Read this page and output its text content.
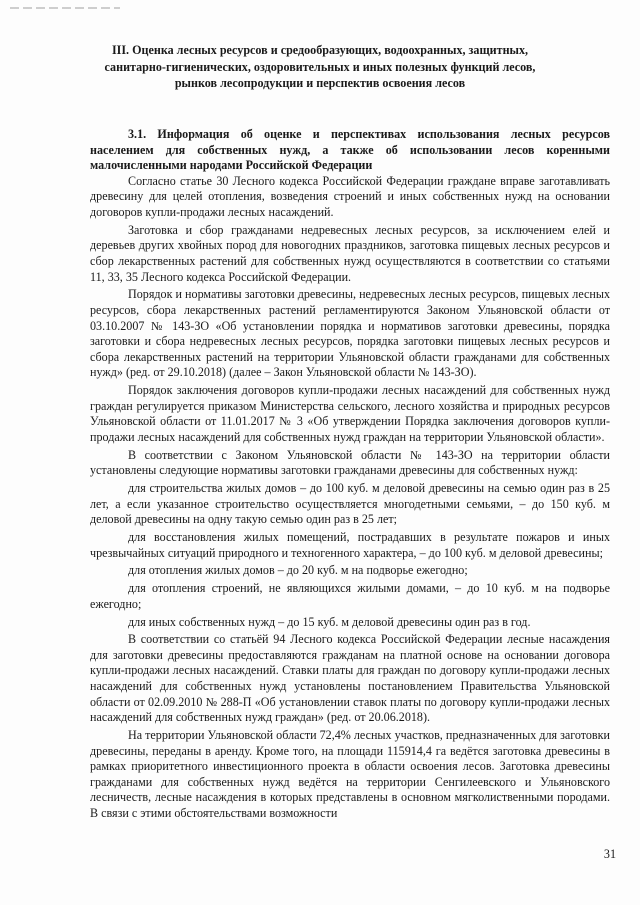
III. Оценка лесных ресурсов и средообразующих, водоохранных, защитных, санитарно-гигиенических, оздоровительных и иных полезных функций лесов, рынков лесопродукции и перспектив освоения лесов

3.1. Информация об оценке и перспективах использования лесных ресурсов населением для собственных нужд, а также об использовании лесов коренными малочисленными народами Российской Федерации

Согласно статье 30 Лесного кодекса Российской Федерации граждане вправе заготавливать древесину для целей отопления, возведения строений и иных собственных нужд на основании договоров купли-продажи лесных насаждений.

Заготовка и сбор гражданами недревесных лесных ресурсов, за исключением елей и деревьев других хвойных пород для новогодних праздников, заготовка пищевых лесных ресурсов и сбор лекарственных растений для собственных нужд осуществляются в соответствии со статьями 11, 33, 35 Лесного кодекса Российской Федерации.

Порядок и нормативы заготовки древесины, недревесных лесных ресурсов, пищевых лесных ресурсов, сбора лекарственных растений регламентируются Законом Ульяновской области от 03.10.2007 № 143-ЗО «Об установлении порядка и нормативов заготовки древесины, порядка заготовки и сбора недревесных лесных ресурсов, порядка заготовки пищевых лесных ресурсов и сбора лекарственных растений на территории Ульяновской области гражданами для собственных нужд» (ред. от 29.10.2018) (далее – Закон Ульяновской области № 143-ЗО).

Порядок заключения договоров купли-продажи лесных насаждений для собственных нужд граждан регулируется приказом Министерства сельского, лесного хозяйства и природных ресурсов Ульяновской области от 11.01.2017 № 3 «Об утверждении Порядка заключения договоров купли-продажи лесных насаждений для собственных нужд граждан на территории Ульяновской области».

В соответствии с Законом Ульяновской области № 143-ЗО на территории области установлены следующие нормативы заготовки гражданами древесины для собственных нужд:

для строительства жилых домов – до 100 куб. м деловой древесины на семью один раз в 25 лет, а если указанное строительство осуществляется многодетными семьями, – до 150 куб. м деловой древесины на одну такую семью один раз в 25 лет;

для восстановления жилых помещений, пострадавших в результате пожаров и иных чрезвычайных ситуаций природного и техногенного характера, – до 100 куб. м деловой древесины;

для отопления жилых домов – до 20 куб. м на подворье ежегодно;

для отопления строений, не являющихся жилыми домами, – до 10 куб. м на подворье ежегодно;

для иных собственных нужд – до 15 куб. м деловой древесины один раз в год.

В соответствии со статьёй 94 Лесного кодекса Российской Федерации лесные насаждения для заготовки древесины предоставляются гражданам на платной основе на основании договора купли-продажи лесных насаждений. Ставки платы для граждан по договору купли-продажи лесных насаждений для собственных нужд установлены постановлением Правительства Ульяновской области от 02.09.2010 № 288-П «Об установлении ставок платы по договору купли-продажи лесных насаждений для собственных нужд граждан» (ред. от 20.06.2018).

На территории Ульяновской области 72,4% лесных участков, предназначенных для заготовки древесины, переданы в аренду. Кроме того, на площади 115914,4 га ведётся заготовка древесины в рамках приоритетного инвестиционного проекта в области освоения лесов. Заготовка древесины гражданами для собственных нужд ведётся на территории Сенгилеевского и Ульяновского лесничеств, лесные насаждения в которых представлены в основном мягколиственными породами. В связи с этими обстоятельствами возможности

31
